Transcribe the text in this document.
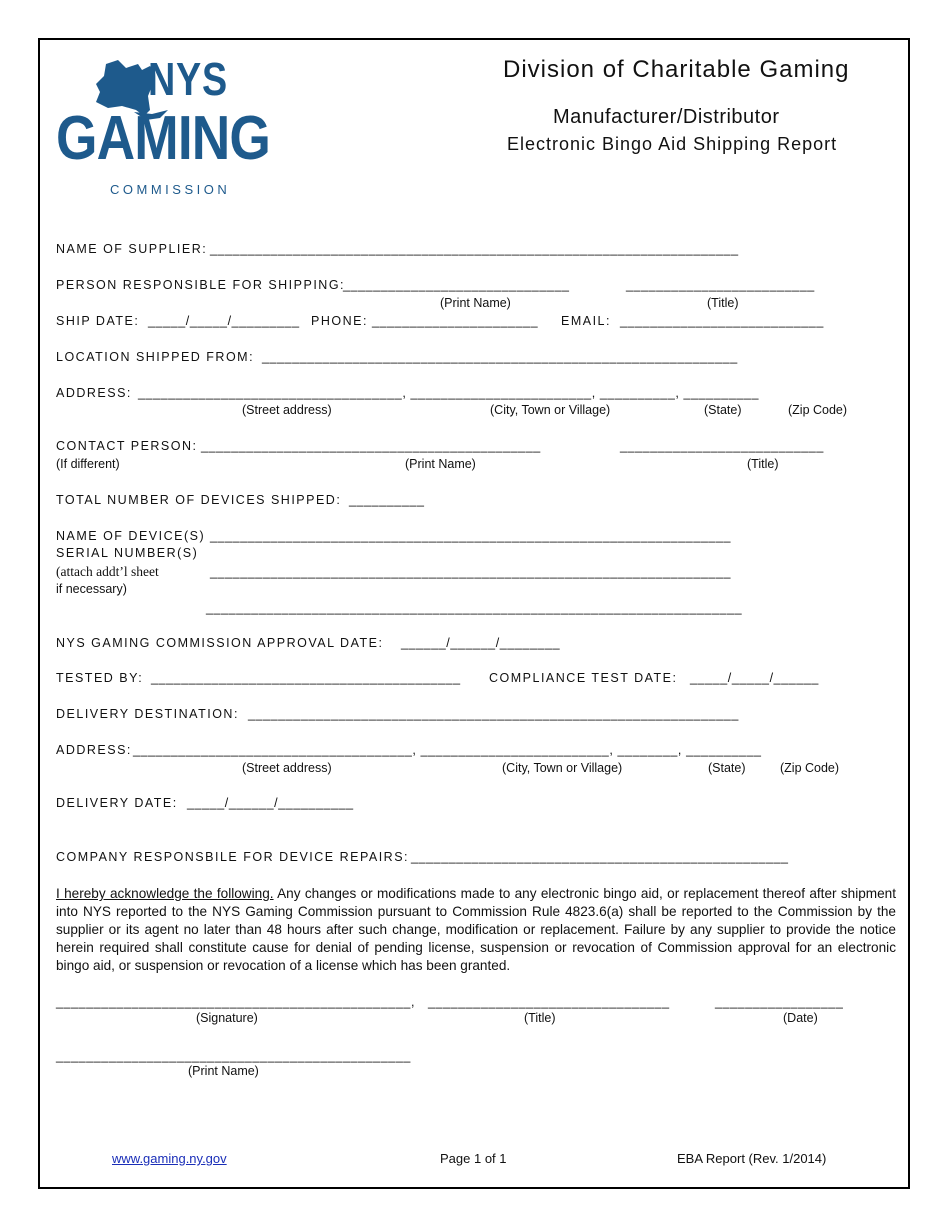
NYS
GAMING
COMMISSION
Division of Charitable Gaming
Manufacturer/Distributor
Electronic Bingo Aid Shipping Report
NAME OF SUPPLIER: ______________________________________________________________________
PERSON RESPONSIBLE FOR SHIPPING:
______________________________	_________________________
(Print Name)	(Title)
SHIP DATE: _____/_____/_________ PHONE: ______________________ EMAIL: ___________________________
LOCATION SHIPPED FROM: _______________________________________________________________
ADDRESS: ___________________________________, ________________________, __________, __________
(Street address)	(City, Town or Village)	(State)	(Zip Code)
CONTACT PERSON: _____________________________________________	___________________________
(If different)	(Print Name)	(Title)
TOTAL NUMBER OF DEVICES SHIPPED: __________
NAME OF DEVICE(S) _____________________________________________________________________
SERIAL NUMBER(S)
(attach addt’l sheet
if necessary)
_____________________________________________________________________
_______________________________________________________________________
NYS GAMING COMMISSION APPROVAL DATE: ______/______/________
TESTED BY: _________________________________________ COMPLIANCE TEST DATE: _____/_____/______
DELIVERY DESTINATION: _________________________________________________________________
ADDRESS: _____________________________________, _________________________, ________, __________
(Street address)	(City, Town or Village)	(State)	(Zip Code)
DELIVERY DATE: _____/______/__________
COMPANY RESPONSBILE FOR DEVICE REPAIRS: __________________________________________________
I hereby acknowledge the following. Any changes or modifications made to any electronic bingo aid, or replacement thereof after shipment into NYS reported to the NYS Gaming Commission pursuant to Commission Rule 4823.6(a) shall be reported to the Commission by the supplier or its agent no later than 48 hours after such change, modification or replacement. Failure by any supplier to provide the notice herein required shall constitute cause for denial of pending license, suspension or revocation of Commission approval for an electronic bingo aid, or suspension or revocation of a license which has been granted.
_______________________________________________, ________________________________	_________________
(Signature)	(Title)	(Date)
_______________________________________________
(Print Name)
www.gaming.ny.gov	Page 1 of 1	EBA Report (Rev. 1/2014)
